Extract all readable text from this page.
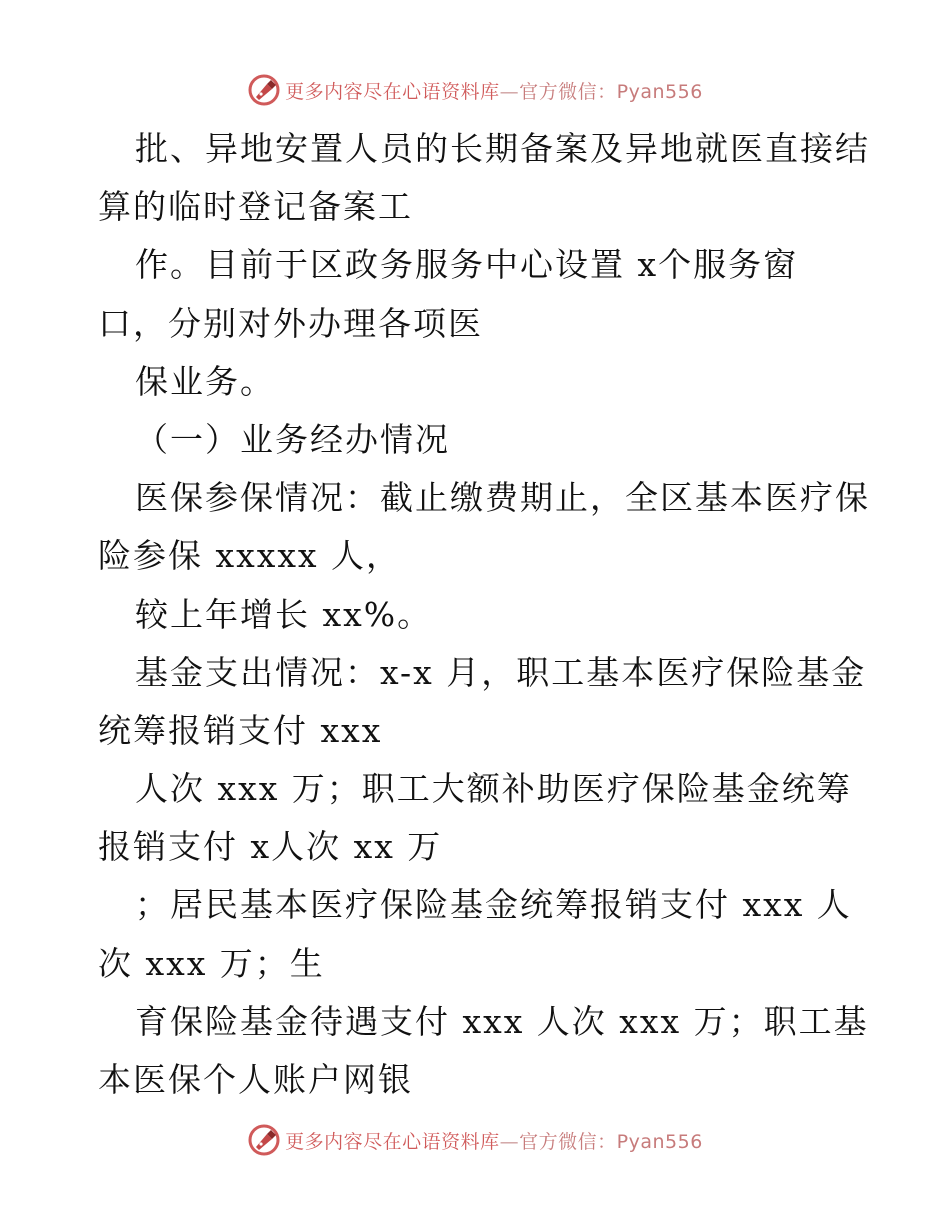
更多内容尽在心语资料库—官方微信：Pyan556
批、异地安置人员的长期备案及异地就医直接结
算的临时登记备案工
作。目前于区政务服务中心设置 x个服务窗
口，分别对外办理各项医
保业务。
（一）业务经办情况
医保参保情况：截止缴费期止，全区基本医疗保
险参保 xxxxx 人，
较上年增长 xx%。
基金支出情况：x-x 月，职工基本医疗保险基金
统筹报销支付 xxx
人次 xxx 万；职工大额补助医疗保险基金统筹
报销支付 x人次 xx 万
；居民基本医疗保险基金统筹报销支付 xxx 人
次 xxx 万；生
育保险基金待遇支付 xxx 人次 xxx 万；职工基
本医保个人账户网银
更多内容尽在心语资料库—官方微信：Pyan556
